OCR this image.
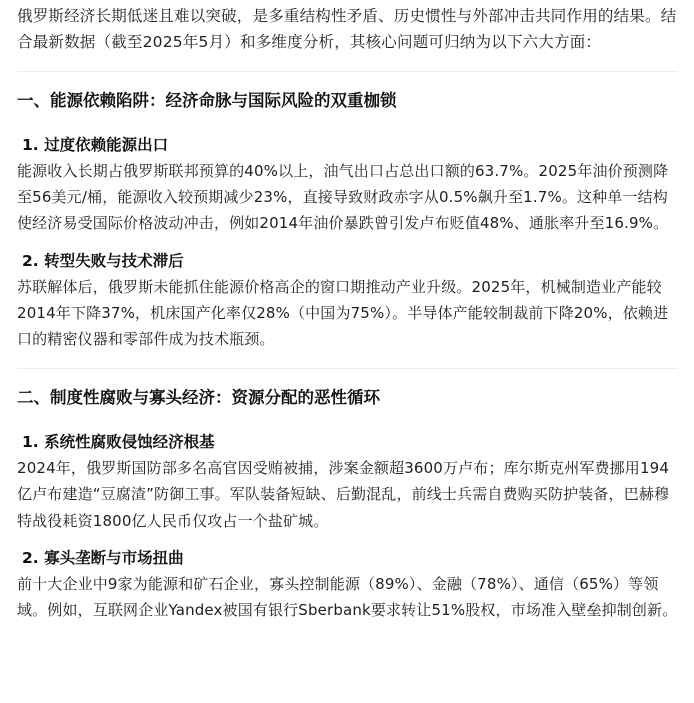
俄罗斯经济长期低迷且难以突破，是多重结构性矛盾、历史惯性与外部冲击共同作用的结果。结合最新数据（截至2025年5月）和多维度分析，其核心问题可归纳为以下六大方面：

一、能源依赖陷阱：经济命脉与国际风险的双重枷锁
1. 过度依赖能源出口

能源收入长期占俄罗斯联邦预算的40%以上，油气出口占总出口额的63.7%。2025年油价预测降至56美元/桶，能源收入较预期减少23%，直接导致财政赤字从0.5%飙升至1.7%。这种单一结构使经济易受国际价格波动冲击，例如2014年油价暴跌曾引发卢布贬值48%、通胀率升至16.9%。

2. 转型失败与技术滞后

苏联解体后，俄罗斯未能抓住能源价格高企的窗口期推动产业升级。2025年，机械制造业产能较2014年下降37%，机床国产化率仅28%（中国为75%）。半导体产能较制裁前下降20%，依赖进口的精密仪器和零部件成为技术瓶颈。

二、制度性腐败与寡头经济：资源分配的恶性循环
1. 系统性腐败侵蚀经济根基

2024年，俄罗斯国防部多名高官因受贿被捕，涉案金额超3600万卢布；库尔斯克州军费挪用194亿卢布建造“豆腐渣”防御工事。军队装备短缺、后勤混乱，前线士兵需自费购买防护装备，巴赫穆特战役耗资1800亿人民币仅攻占一个盐矿城。

2. 寡头垄断与市场扭曲

前十大企业中9家为能源和矿石企业，寡头控制能源（89%）、金融（78%）、通信（65%）等领域。例如，互联网企业Yandex被国有银行Sberbank要求转让51%股权，市场准入壁垒抑制创新。
